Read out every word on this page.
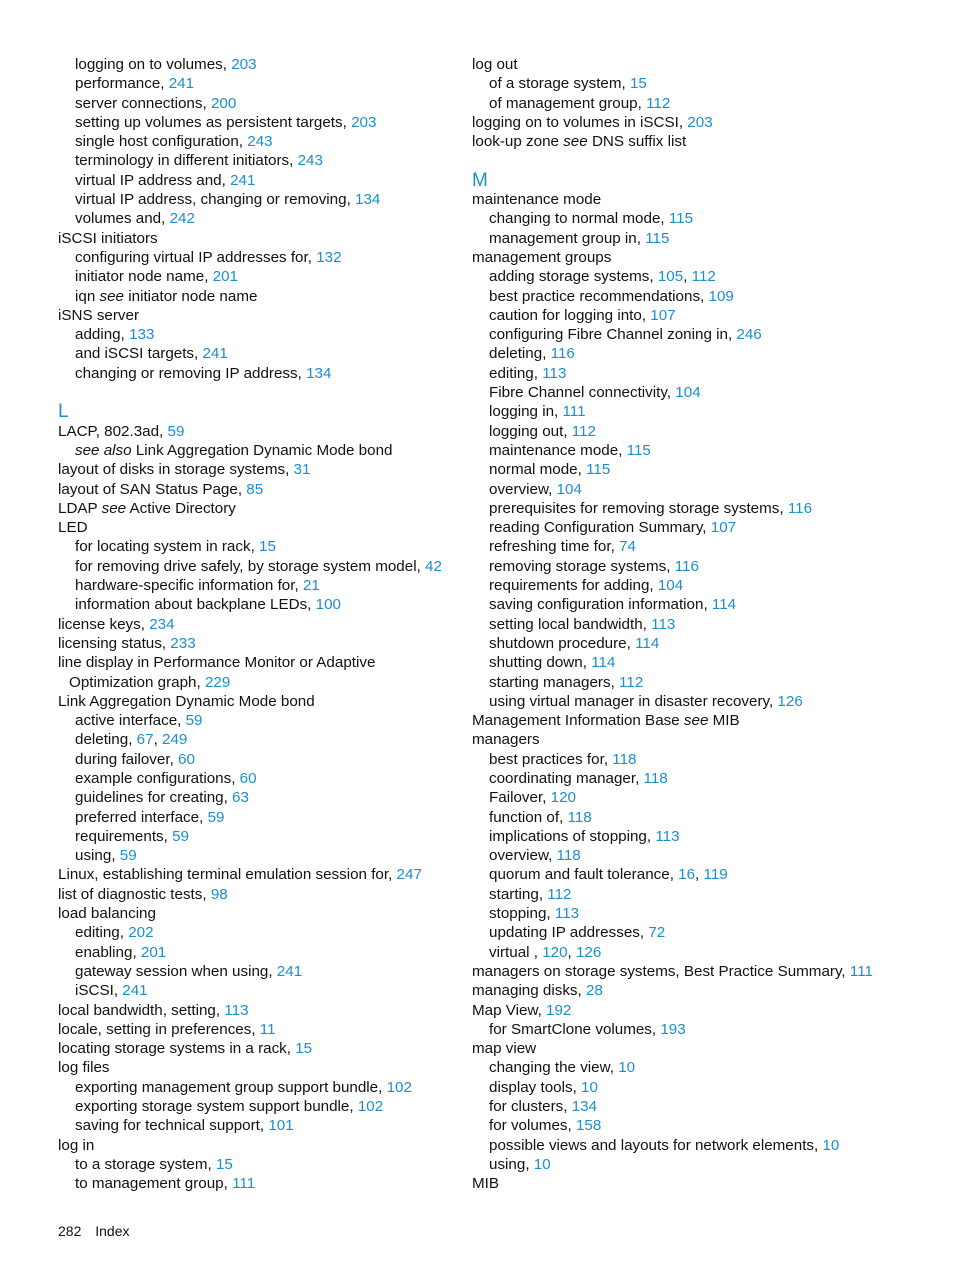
logging on to volumes, 203
performance, 241
server connections, 200
setting up volumes as persistent targets, 203
single host configuration, 243
terminology in different initiators, 243
virtual IP address and, 241
virtual IP address, changing or removing, 134
volumes and, 242
iSCSI initiators
configuring virtual IP addresses for, 132
initiator node name, 201
iqn see initiator node name
iSNS server
adding, 133
and iSCSI targets, 241
changing or removing IP address, 134
L
LACP, 802.3ad, 59
see also Link Aggregation Dynamic Mode bond
layout of disks in storage systems, 31
layout of SAN Status Page, 85
LDAP see Active Directory
LED
for locating system in rack, 15
for removing drive safely, by storage system model, 42
hardware-specific information for, 21
information about backplane LEDs, 100
license keys, 234
licensing status, 233
line display in Performance Monitor or Adaptive
Optimization graph, 229
Link Aggregation Dynamic Mode bond
active interface, 59
deleting, 67, 249
during failover, 60
example configurations, 60
guidelines for creating, 63
preferred interface, 59
requirements, 59
using, 59
Linux, establishing terminal emulation session for, 247
list of diagnostic tests, 98
load balancing
editing, 202
enabling, 201
gateway session when using, 241
iSCSI, 241
local bandwidth, setting, 113
locale, setting in preferences, 11
locating storage systems in a rack, 15
log files
exporting management group support bundle, 102
exporting storage system support bundle, 102
saving for technical support, 101
log in
to a storage system, 15
to management group, 111
log out
of a storage system, 15
of management group, 112
logging on to volumes in iSCSI, 203
look-up zone see DNS suffix list
M
maintenance mode
changing to normal mode, 115
management group in, 115
management groups
adding storage systems, 105, 112
best practice recommendations, 109
caution for logging into, 107
configuring Fibre Channel zoning in, 246
deleting, 116
editing, 113
Fibre Channel connectivity, 104
logging in, 111
logging out, 112
maintenance mode, 115
normal mode, 115
overview, 104
prerequisites for removing storage systems, 116
reading Configuration Summary, 107
refreshing time for, 74
removing storage systems, 116
requirements for adding, 104
saving configuration information, 114
setting local bandwidth, 113
shutdown procedure, 114
shutting down, 114
starting managers, 112
using virtual manager in disaster recovery, 126
Management Information Base see MIB
managers
best practices for, 118
coordinating manager, 118
Failover, 120
function of, 118
implications of stopping, 113
overview, 118
quorum and fault tolerance, 16, 119
starting, 112
stopping, 113
updating IP addresses, 72
virtual , 120, 126
managers on storage systems, Best Practice Summary, 111
managing disks, 28
Map View, 192
for SmartClone volumes, 193
map view
changing the view, 10
display tools, 10
for clusters, 134
for volumes, 158
possible views and layouts for network elements, 10
using, 10
MIB
282 Index
